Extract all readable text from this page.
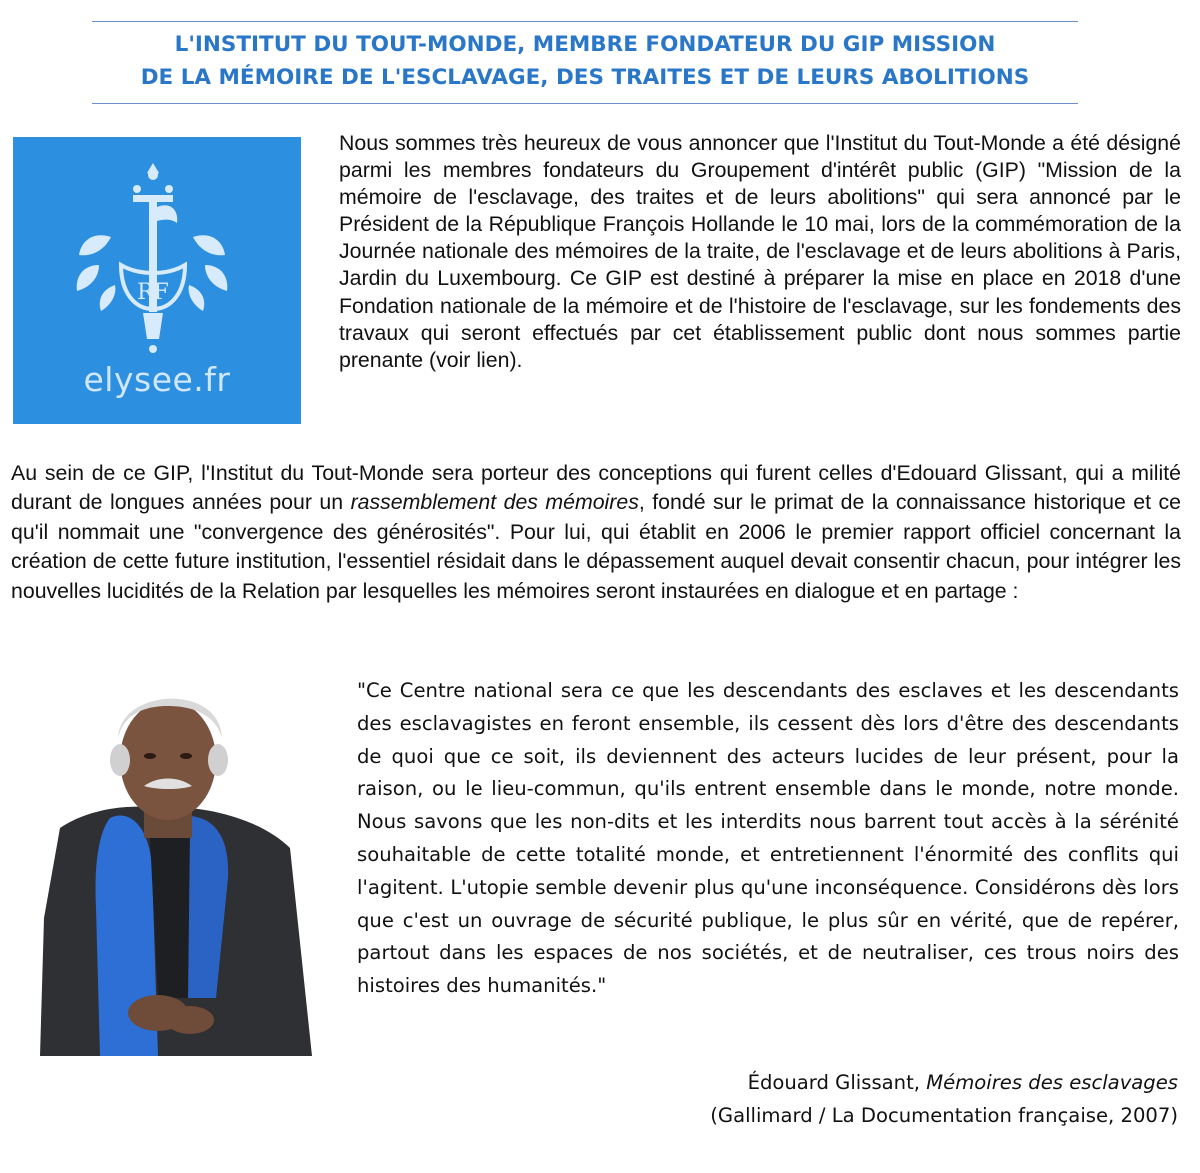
L'INSTITUT DU TOUT-MONDE, MEMBRE FONDATEUR DU GIP MISSION
DE LA MÉMOIRE DE L'ESCLAVAGE, DES TRAITES ET DE LEURS ABOLITIONS
RF
elysee.fr
Nous sommes très heureux de vous annoncer que l'Institut du Tout-Monde a été désigné parmi les membres fondateurs du Groupement d'intérêt public (GIP) "Mission de la mémoire de l'esclavage, des traites et de leurs abolitions" qui sera annoncé par le Président de la République François Hollande le 10 mai, lors de la commémoration de la Journée nationale des mémoires de la traite, de l'esclavage et de leurs abolitions à Paris, Jardin du Luxembourg. Ce GIP est destiné à préparer la mise en place en 2018 d'une Fondation nationale de la mémoire et de l'histoire de l'esclavage, sur les fondements des travaux qui seront effectués par cet établissement public dont nous sommes partie prenante (voir lien).
Au sein de ce GIP, l'Institut du Tout-Monde sera porteur des conceptions qui furent celles d'Edouard Glissant, qui a milité durant de longues années pour un rassemblement des mémoires, fondé sur le primat de la connaissance historique et ce qu'il nommait une "convergence des générosités". Pour lui, qui établit en 2006 le premier rapport officiel concernant la création de cette future institution, l'essentiel résidait dans le dépassement auquel devait consentir chacun, pour intégrer les nouvelles lucidités de la Relation par lesquelles les mémoires seront instaurées en dialogue et en partage :
"Ce Centre national sera ce que les descendants des esclaves et les descendants des esclavagistes en feront ensemble, ils cessent dès lors d'être des descendants de quoi que ce soit, ils deviennent des acteurs lucides de leur présent, pour la raison, ou le lieu-commun, qu'ils entrent ensemble dans le monde, notre monde. Nous savons que les non-dits et les interdits nous barrent tout accès à la sérénité souhaitable de cette totalité monde, et entretiennent l'énormité des conflits qui l'agitent. L'utopie semble devenir plus qu'une inconséquence. Considérons dès lors que c'est un ouvrage de sécurité publique, le plus sûr en vérité, que de repérer, partout dans les espaces de nos sociétés, et de neutraliser, ces trous noirs des histoires des humanités."
Édouard Glissant, Mémoires des esclavages
(Gallimard / La Documentation française, 2007)
